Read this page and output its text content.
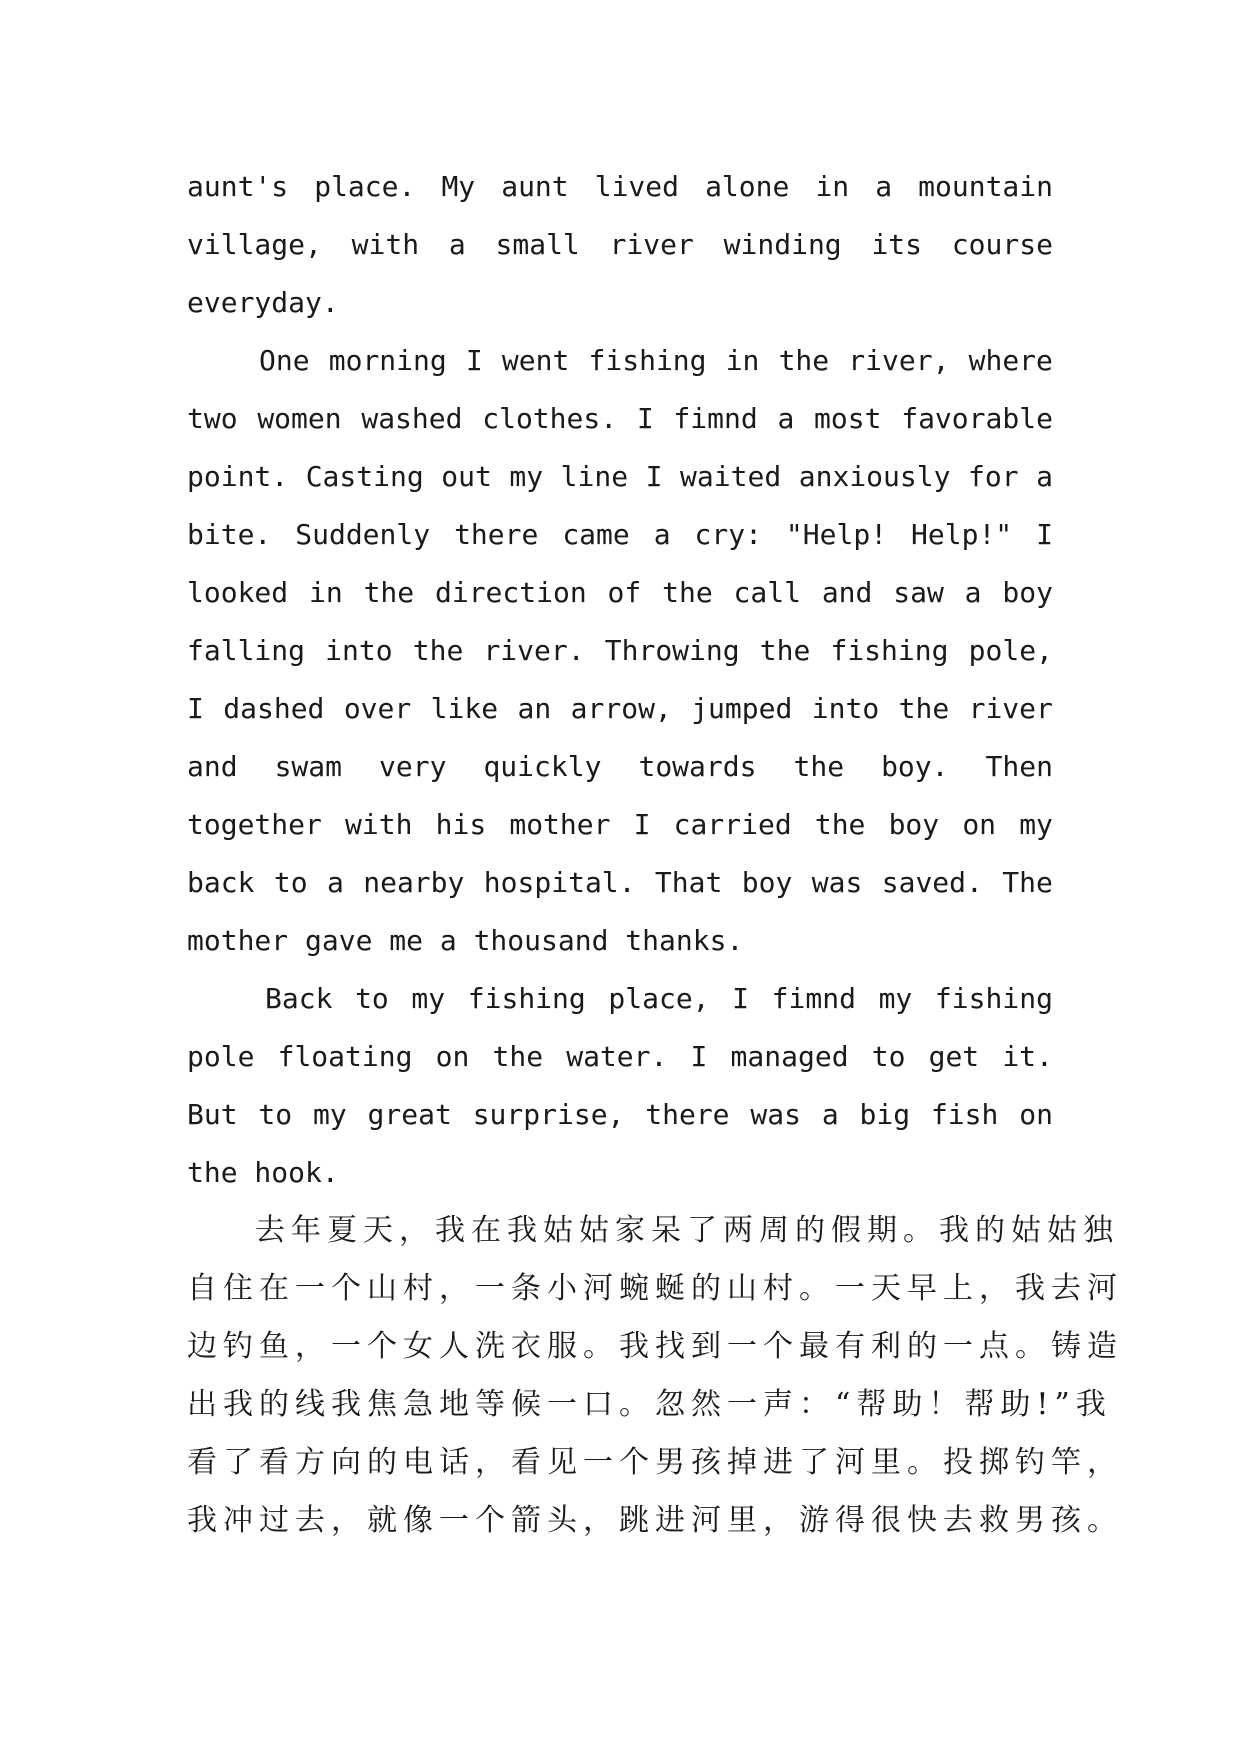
aunt's place. My aunt lived alone in a mountain
village, with a small river winding its course
everyday.
One morning I went fishing in the river, where
two women washed clothes. I fimnd a most favorable
point. Casting out my line I waited anxiously for a
bite. Suddenly there came a cry: "Help! Help!" I
looked in the direction of the call and saw a boy
falling into the river. Throwing the fishing pole,
I dashed over like an arrow, jumped into the river
and swam very quickly towards the boy. Then
together with his mother I carried the boy on my
back to a nearby hospital. That boy was saved. The
mother gave me a thousand thanks.
Back to my fishing place, I fimnd my fishing
pole floating on the water. I managed to get it.
But to my great surprise, there was a big fish on
the hook.
去年夏天，我在我姑姑家呆了两周的假期。我的姑姑独
自住在一个山村，一条小河蜿蜒的山村。一天早上，我去河
边钓鱼，一个女人洗衣服。我找到一个最有利的一点。铸造
出我的线我焦急地等候一口。忽然一声：“帮助！帮助!”我
看了看方向的电话，看见一个男孩掉进了河里。投掷钓竿，
我冲过去，就像一个箭头，跳进河里，游得很快去救男孩。
